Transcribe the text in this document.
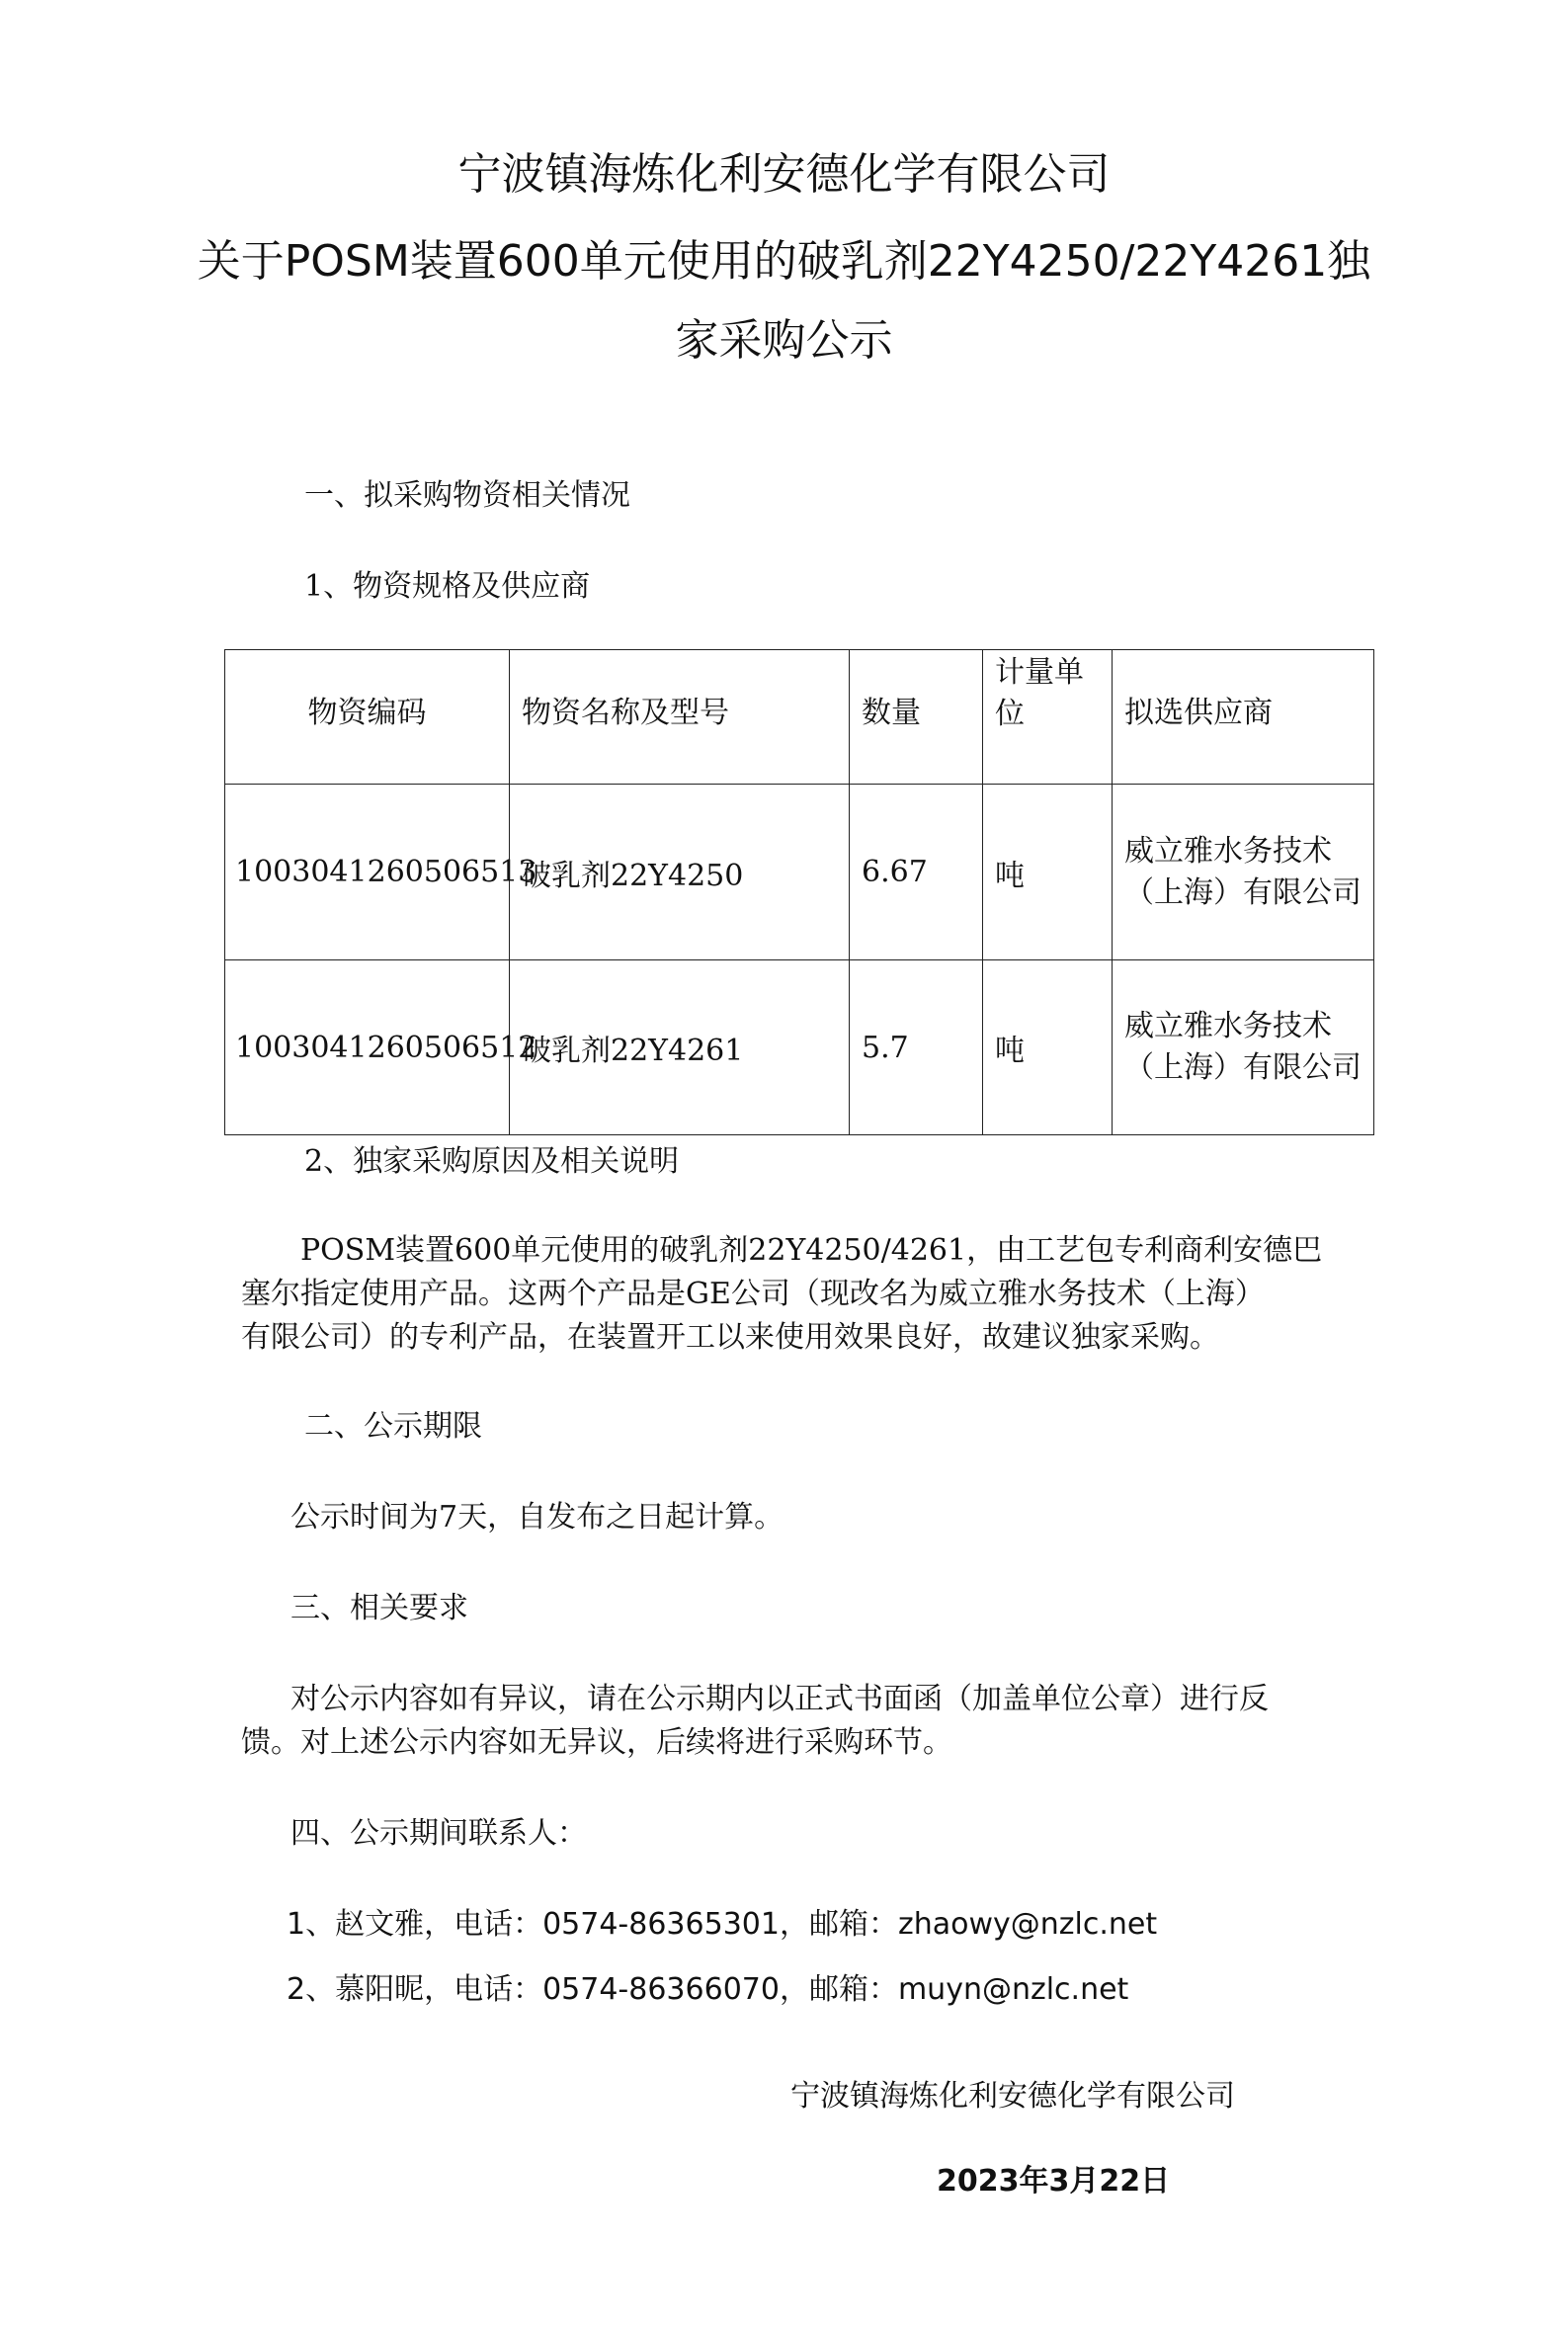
宁波镇海炼化利安德化学有限公司
关于POSM装置600单元使用的破乳剂22Y4250/22Y4261独
家采购公示
一、拟采购物资相关情况
1、物资规格及供应商
物资编码	物资名称及型号	数量	计量单位	拟选供应商
1003041260506513	破乳剂22Y4250	6.67	吨	威立雅水务技术（上海）有限公司
1003041260506512	破乳剂22Y4261	5.7	吨	威立雅水务技术（上海）有限公司
2、独家采购原因及相关说明
POSM装置600单元使用的破乳剂22Y4250/4261，由工艺包专利商利安德巴
塞尔指定使用产品。这两个产品是GE公司（现改名为威立雅水务技术（上海）
有限公司）的专利产品，在装置开工以来使用效果良好，故建议独家采购。
二、公示期限
公示时间为7天，自发布之日起计算。
三、相关要求
对公示内容如有异议，请在公示期内以正式书面函（加盖单位公章）进行反
馈。对上述公示内容如无异议，后续将进行采购环节。
四、公示期间联系人：
1、赵文雅，电话：0574-86365301，邮箱：zhaowy@nzlc.net
2、慕阳昵，电话：0574-86366070，邮箱：muyn@nzlc.net
宁波镇海炼化利安德化学有限公司
2023年3月22日
